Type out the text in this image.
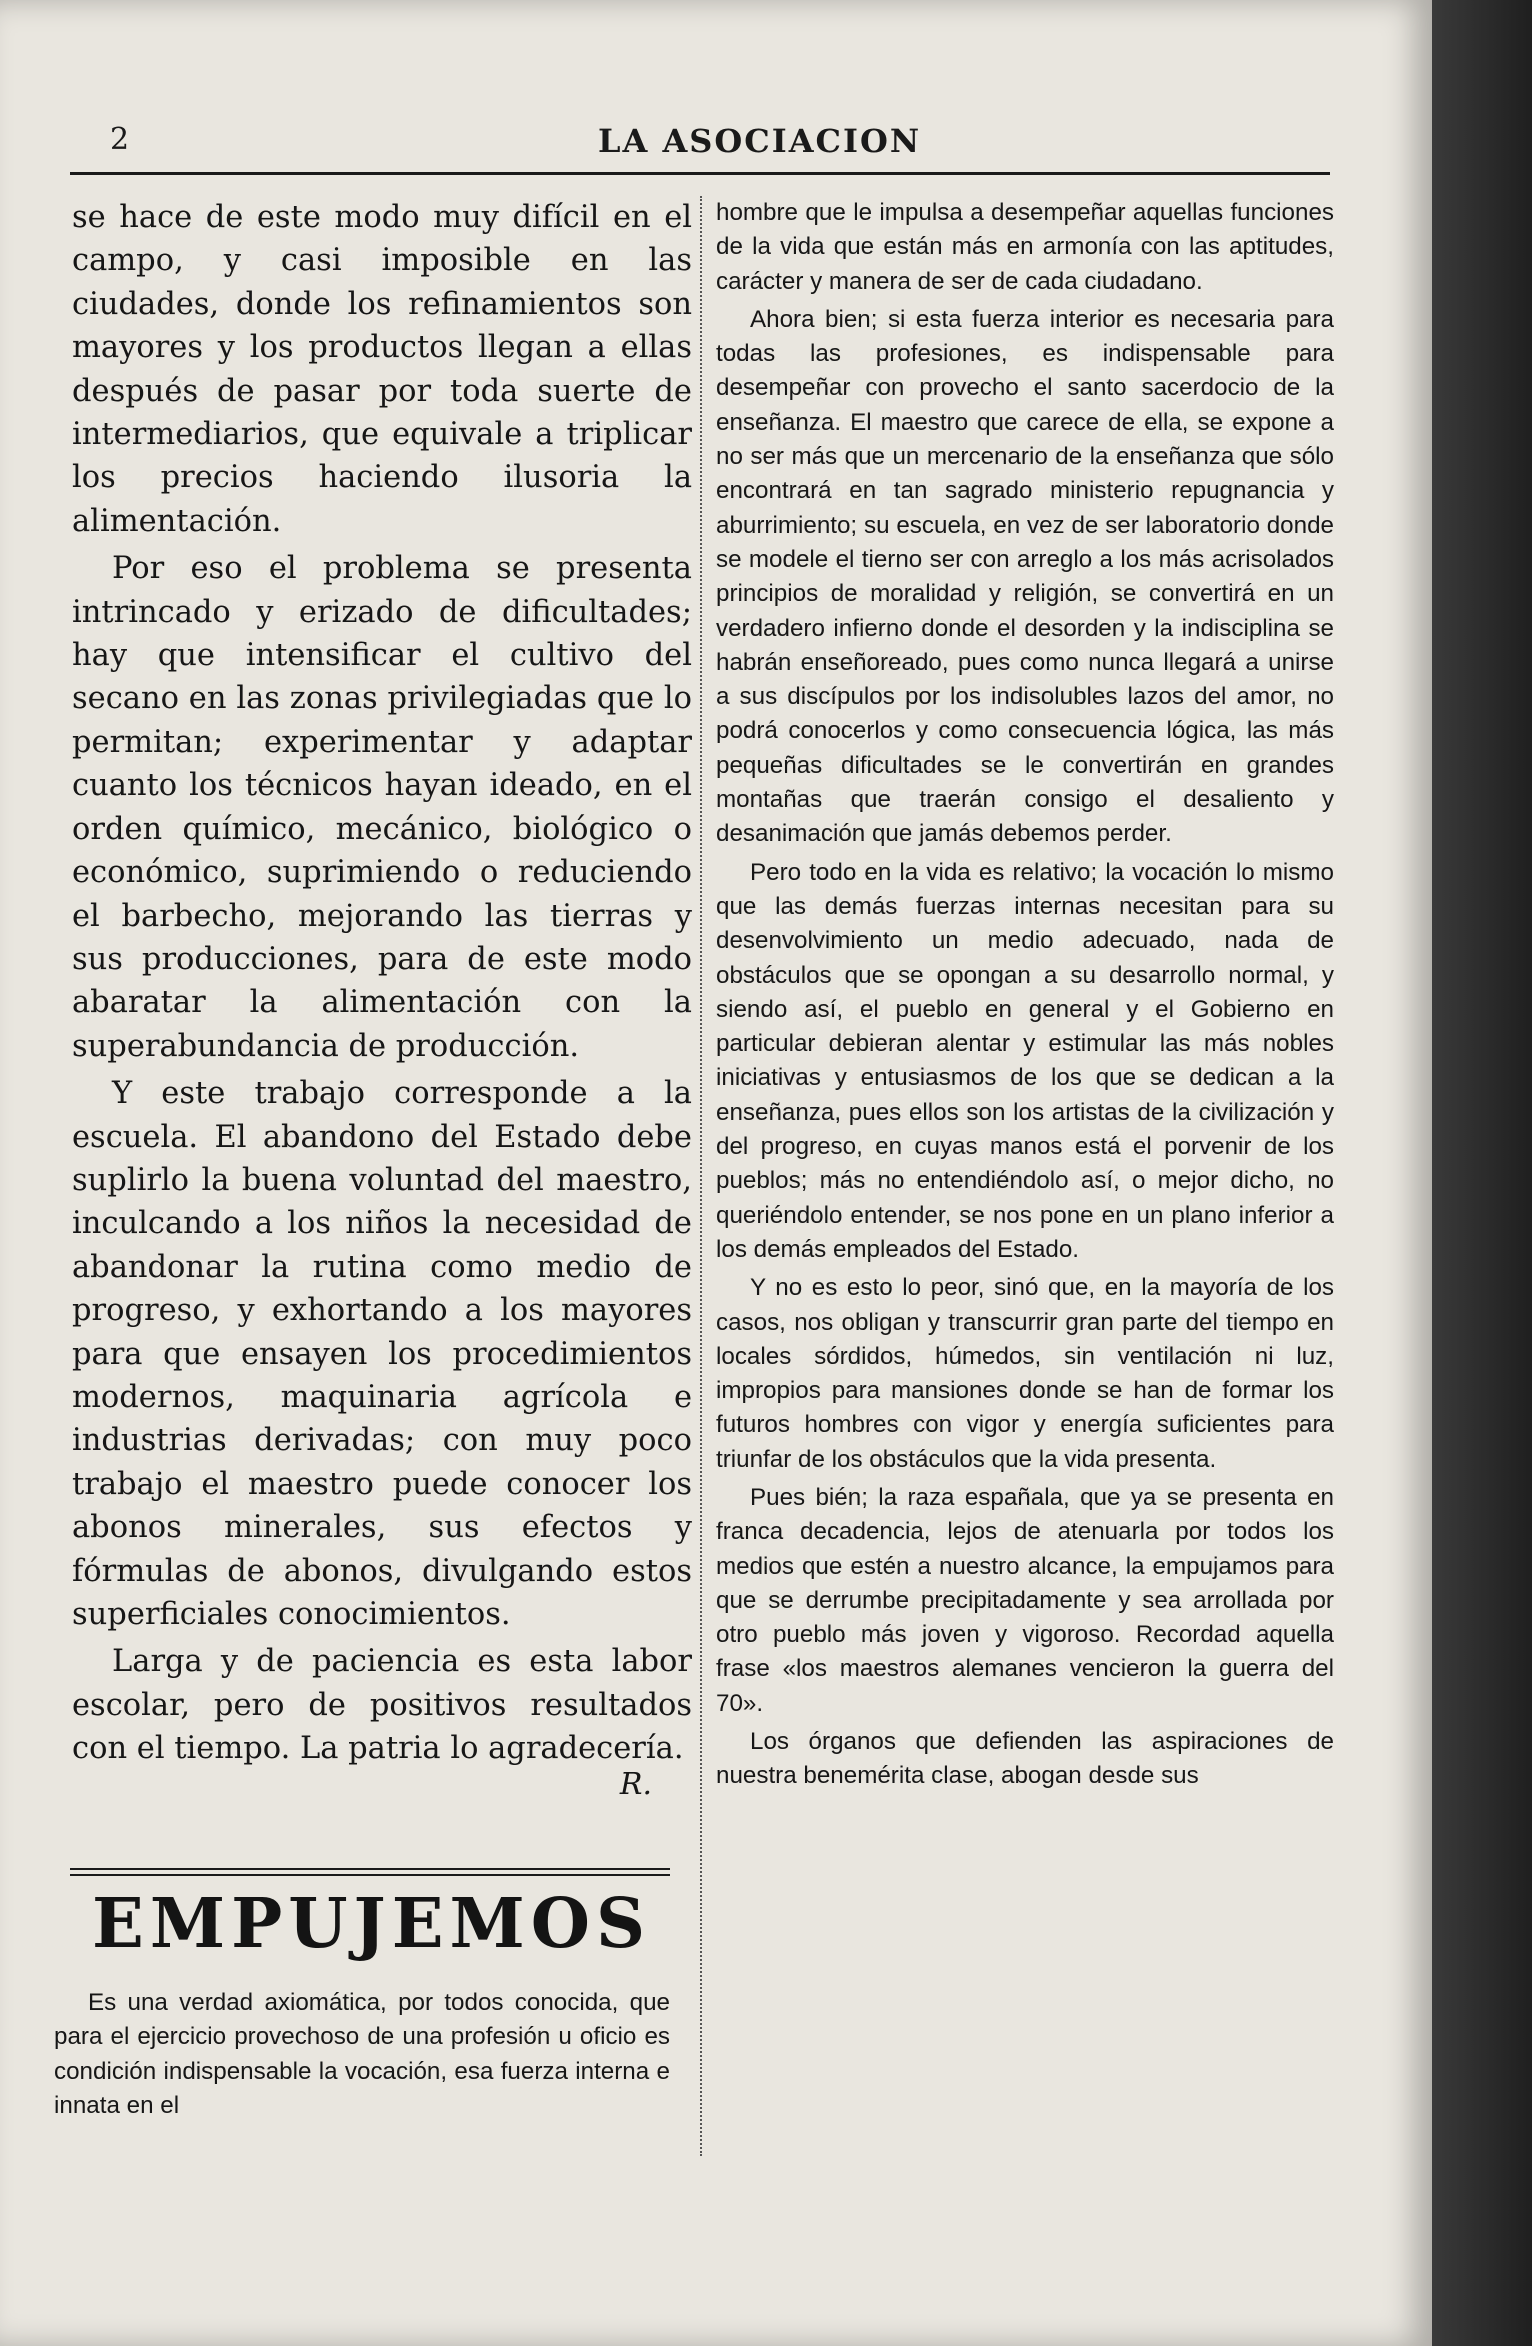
2	LA ASOCIACION

se hace de este modo muy difícil en el campo, y casi imposible en las ciudades, donde los refinamientos son mayores y los productos llegan a ellas después de pasar por toda suerte de intermediarios, que equivale a triplicar los precios haciendo ilusoria la alimentación.

Por eso el problema se presenta intrincado y erizado de dificultades; hay que intensificar el cultivo del secano en las zonas privilegiadas que lo permitan; experimentar y adaptar cuanto los técnicos hayan ideado, en el orden químico, mecánico, biológico o económico, suprimiendo o reduciendo el barbecho, mejorando las tierras y sus producciones, para de este modo abaratar la alimentación con la superabundancia de producción.

Y este trabajo corresponde a la escuela. El abandono del Estado debe suplirlo la buena voluntad del maestro, inculcando a los niños la necesidad de abandonar la rutina como medio de progreso, y exhortando a los mayores para que ensayen los procedimientos modernos, maquinaria agrícola e industrias derivadas; con muy poco trabajo el maestro puede conocer los abonos minerales, sus efectos y fórmulas de abonos, divulgando estos superficiales conocimientos.

Larga y de paciencia es esta labor escolar, pero de positivos resultados con el tiempo. La patria lo agradecería.

R.
EMPUJEMOS

Es una verdad axiomática, por todos conocida, que para el ejercicio provechoso de una profesión u oficio es condición indispensable la vocación, esa fuerza interna e innata en el

hombre que le impulsa a desempeñar aquellas funciones de la vida que están más en armonía con las aptitudes, carácter y manera de ser de cada ciudadano.

Ahora bien; si esta fuerza interior es necesaria para todas las profesiones, es indispensable para desempeñar con provecho el santo sacerdocio de la enseñanza. El maestro que carece de ella, se expone a no ser más que un mercenario de la enseñanza que sólo encontrará en tan sagrado ministerio repugnancia y aburrimiento; su escuela, en vez de ser laboratorio donde se modele el tierno ser con arreglo a los más acrisolados principios de moralidad y religión, se convertirá en un verdadero infierno donde el desorden y la indisciplina se habrán enseñoreado, pues como nunca llegará a unirse a sus discípulos por los indisolubles lazos del amor, no podrá conocerlos y como consecuencia lógica, las más pequeñas dificultades se le convertirán en grandes montañas que traerán consigo el desaliento y desanimación que jamás debemos perder.

Pero todo en la vida es relativo; la vocación lo mismo que las demás fuerzas internas necesitan para su desenvolvimiento un medio adecuado, nada de obstáculos que se opongan a su desarrollo normal, y siendo así, el pueblo en general y el Gobierno en particular debieran alentar y estimular las más nobles iniciativas y entusiasmos de los que se dedican a la enseñanza, pues ellos son los artistas de la civilización y del progreso, en cuyas manos está el porvenir de los pueblos; más no entendiéndolo así, o mejor dicho, no queriéndolo entender, se nos pone en un plano inferior a los demás empleados del Estado.

Y no es esto lo peor, sinó que, en la mayoría de los casos, nos obligan y transcurrir gran parte del tiempo en locales sórdidos, húmedos, sin ventilación ni luz, impropios para mansiones donde se han de formar los futuros hombres con vigor y energía suficientes para triunfar de los obstáculos que la vida presenta.

Pues bién; la raza españala, que ya se presenta en franca decadencia, lejos de atenuarla por todos los medios que estén a nuestro alcance, la empujamos para que se derrumbe precipitadamente y sea arrollada por otro pueblo más joven y vigoroso. Recordad aquella frase «los maestros alemanes vencieron la guerra del 70».

Los órganos que defienden las aspiraciones de nuestra benemérita clase, abogan desde sus
